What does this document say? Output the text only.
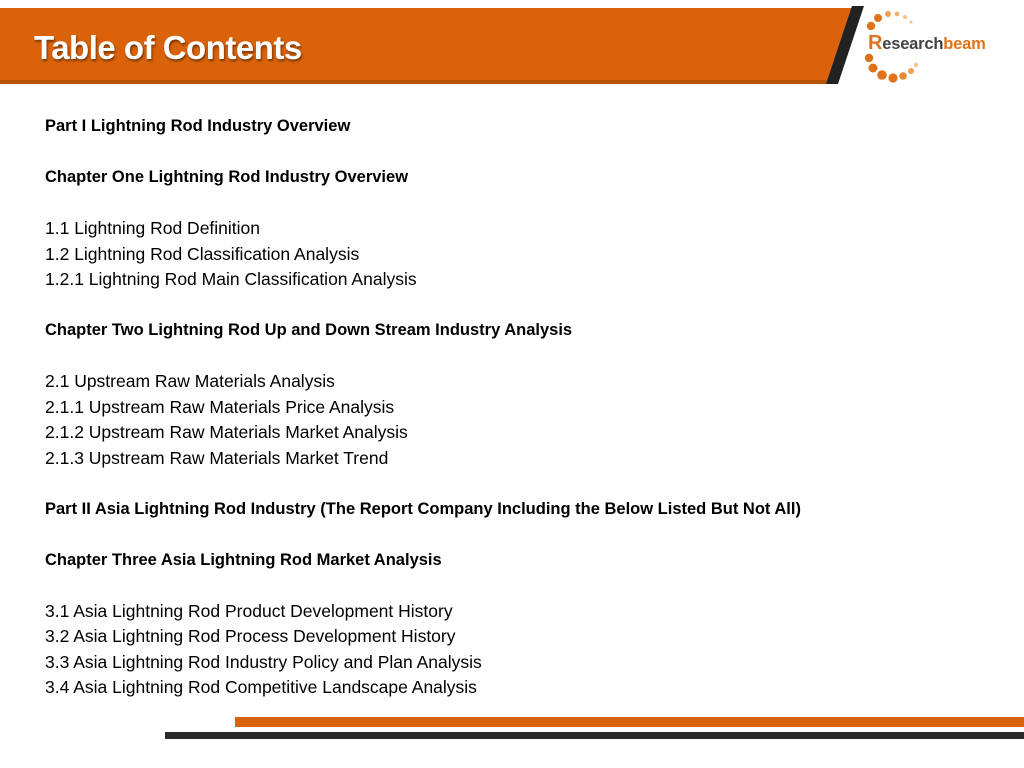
Table of Contents	Researchbeam
Part I Lightning Rod Industry Overview
Chapter One Lightning Rod Industry Overview
1.1 Lightning Rod Definition
1.2 Lightning Rod Classification Analysis
1.2.1 Lightning Rod Main Classification Analysis
Chapter Two Lightning Rod Up and Down Stream Industry Analysis
2.1 Upstream Raw Materials Analysis
2.1.1 Upstream Raw Materials Price Analysis
2.1.2 Upstream Raw Materials Market Analysis
2.1.3 Upstream Raw Materials Market Trend
Part II Asia Lightning Rod Industry (The Report Company Including the Below Listed But Not All)
Chapter Three Asia Lightning Rod Market Analysis
3.1 Asia Lightning Rod Product Development History
3.2 Asia Lightning Rod Process Development History
3.3 Asia Lightning Rod Industry Policy and Plan Analysis
3.4 Asia Lightning Rod Competitive Landscape Analysis
